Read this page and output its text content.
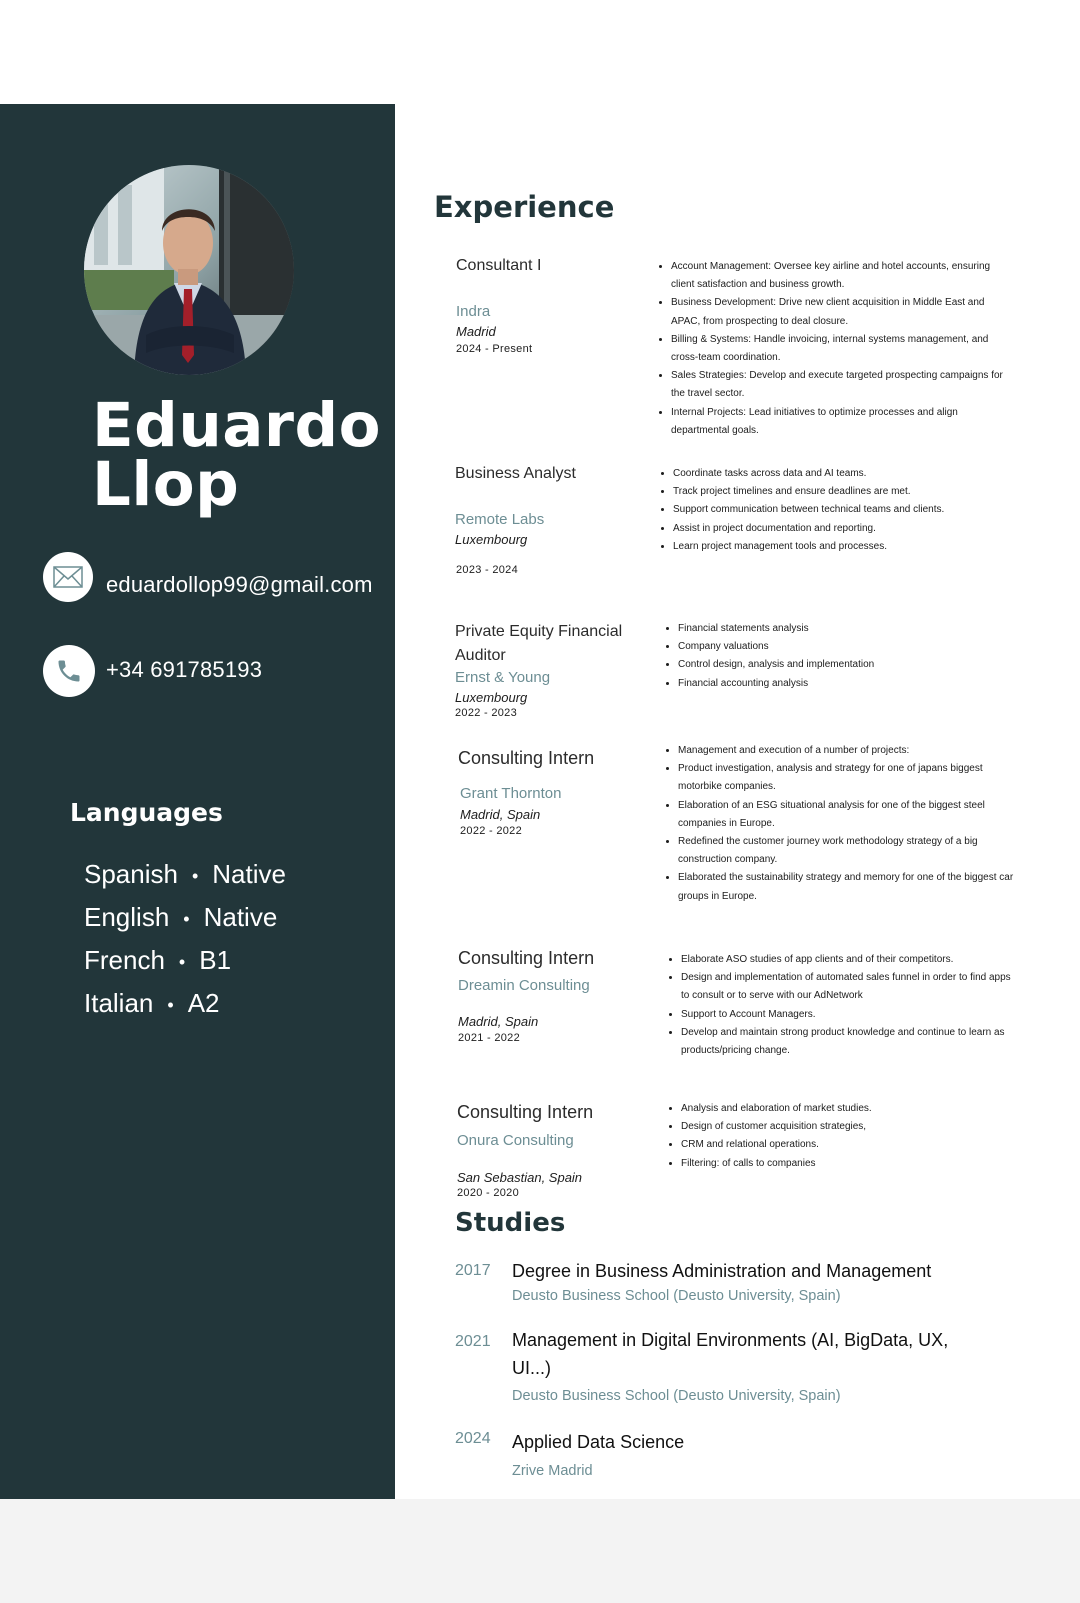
Eduardo
Llop
eduardollop99@gmail.com
+34 691785193
Languages
Spanish • Native
English • Native
French • B1
Italian • A2
Experience
Consultant I
Indra
Madrid
2024 - Present
• Account Management: Oversee key airline and hotel accounts, ensuring client satisfaction and business growth.
• Business Development: Drive new client acquisition in Middle East and APAC, from prospecting to deal closure.
• Billing & Systems: Handle invoicing, internal systems management, and cross-team coordination.
• Sales Strategies: Develop and execute targeted prospecting campaigns for the travel sector.
• Internal Projects: Lead initiatives to optimize processes and align departmental goals.
Business Analyst
Remote Labs
Luxembourg
2023 - 2024
• Coordinate tasks across data and AI teams.
• Track project timelines and ensure deadlines are met.
• Support communication between technical teams and clients.
• Assist in project documentation and reporting.
• Learn project management tools and processes.
Private Equity Financial Auditor
Ernst & Young
Luxembourg
2022 - 2023
• Financial statements analysis
• Company valuations
• Control design, analysis and implementation
• Financial accounting analysis
Consulting Intern
Grant Thornton
Madrid, Spain
2022 - 2022
• Management and execution of a number of projects:
• Product investigation, analysis and strategy for one of japans biggest motorbike companies.
• Elaboration of an ESG situational analysis for one of the biggest steel companies in Europe.
• Redefined the customer journey work methodology strategy of a big construction company.
• Elaborated the sustainability strategy and memory for one of the biggest car groups in Europe.
Consulting Intern
Dreamin Consulting
Madrid, Spain
2021 - 2022
• Elaborate ASO studies of app clients and of their competitors.
• Design and implementation of automated sales funnel in order to find apps to consult or to serve with our AdNetwork
• Support to Account Managers.
• Develop and maintain strong product knowledge and continue to learn as products/pricing change.
Consulting Intern
Onura Consulting
San Sebastian, Spain
2020 - 2020
• Analysis and elaboration of market studies.
• Design of customer acquisition strategies,
• CRM and relational operations.
• Filtering: of calls to companies
Studies
2017 Degree in Business Administration and Management
Deusto Business School (Deusto University, Spain)
2021 Management in Digital Environments (AI, BigData, UX, UI...)
Deusto Business School (Deusto University, Spain)
2024 Applied Data Science
Zrive Madrid
